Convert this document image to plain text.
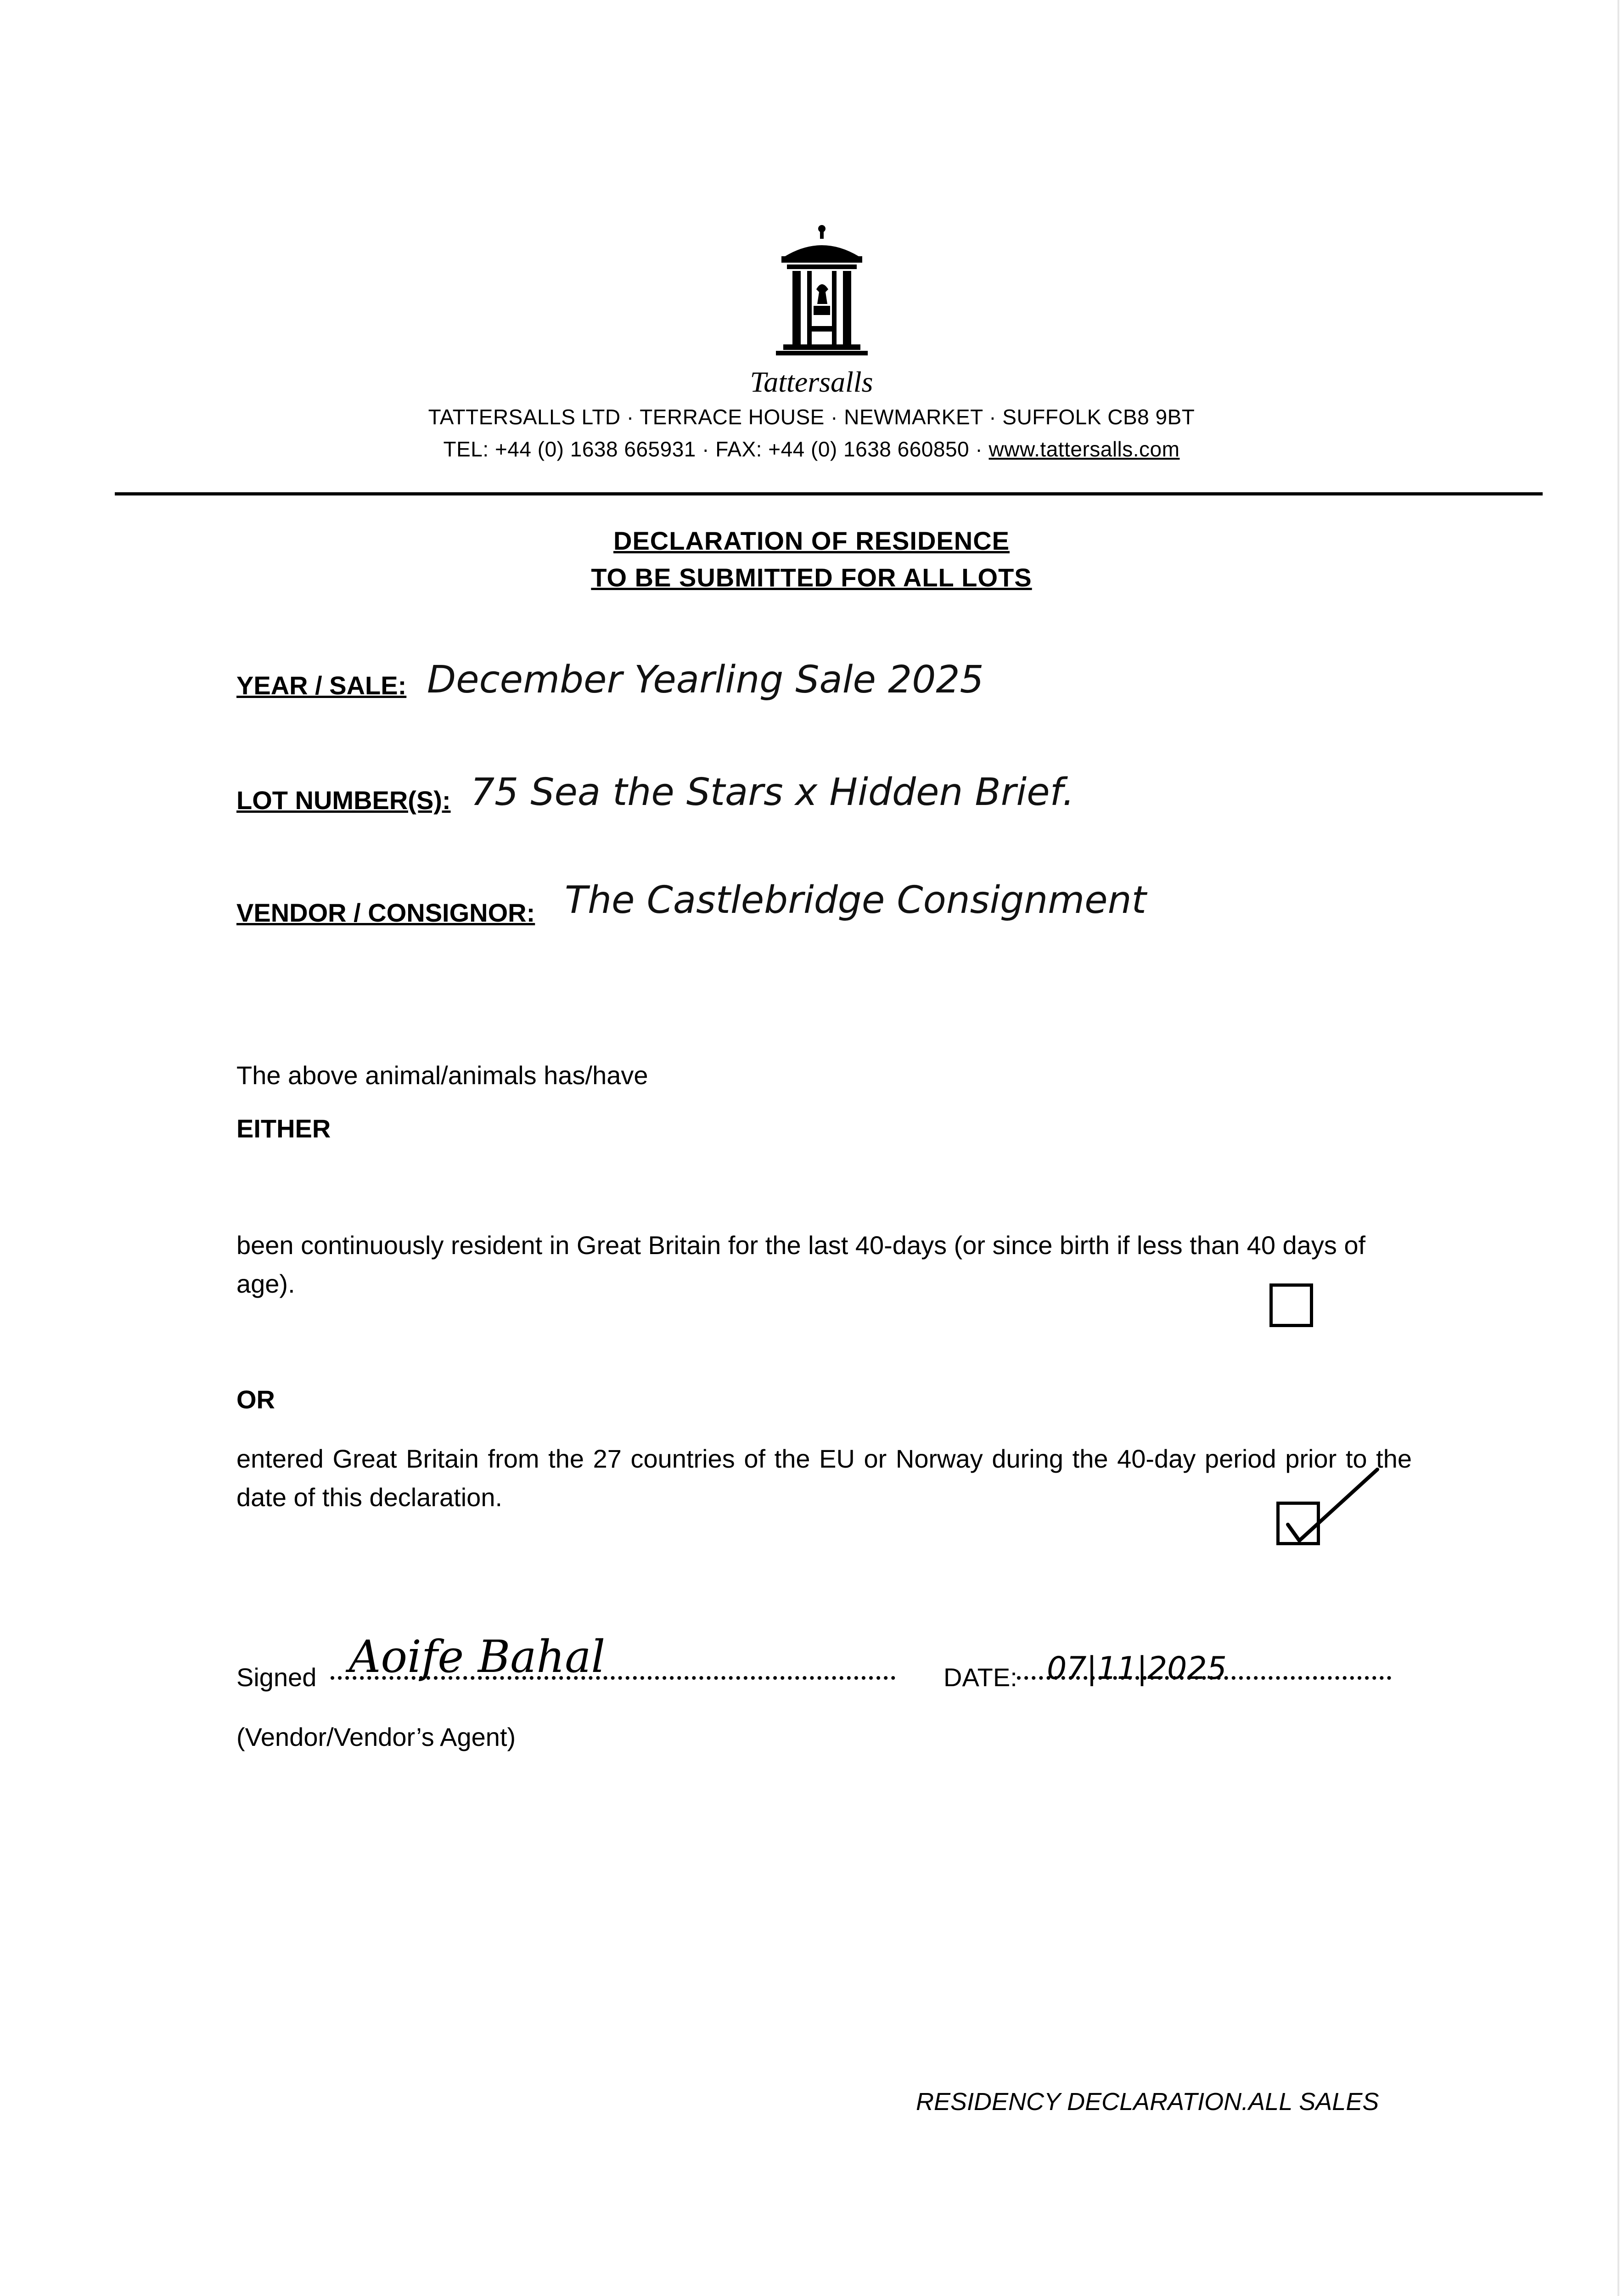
Tattersalls
TATTERSALLS LTD · TERRACE HOUSE · NEWMARKET · SUFFOLK CB8 9BT
TEL: +44 (0) 1638 665931 · FAX: +44 (0) 1638 660850 · www.tattersalls.com
DECLARATION OF RESIDENCE
TO BE SUBMITTED FOR ALL LOTS
YEAR / SALE: December Yearling Sale 2025
LOT NUMBER(S): 75 Sea the Stars x Hidden Brief.
VENDOR / CONSIGNOR: The Castlebridge Consignment
The above animal/animals has/have
EITHER
been continuously resident in Great Britain for the last 40-days (or since birth if less than 40 days of age).
OR
entered Great Britain from the 27 countries of the EU or Norway during the 40-day period prior to the date of this declaration.
Signed Aoife Bahal	DATE: 07|11|2025
(Vendor/Vendor’s Agent)
RESIDENCY DECLARATION.ALL SALES
